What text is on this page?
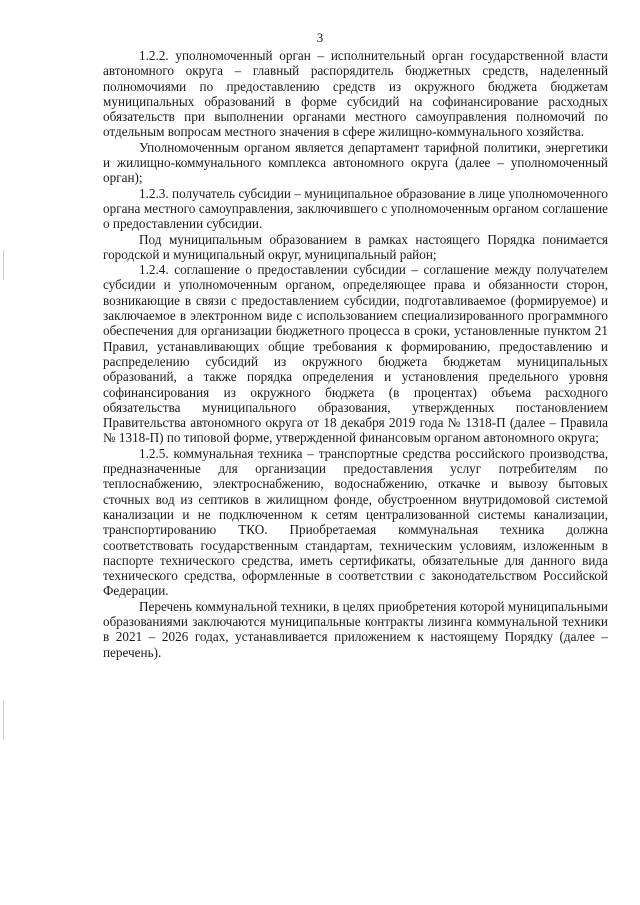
3

1.2.2. уполномоченный орган – исполнительный орган государственной власти автономного округа – главный распорядитель бюджетных средств, наделенный полномочиями по предоставлению средств из окружного бюджета бюджетам муниципальных образований в форме субсидий на софинансирование расходных обязательств при выполнении органами местного самоуправления полномочий по отдельным вопросам местного значения в сфере жилищно-коммунального хозяйства.

Уполномоченным органом является департамент тарифной политики, энергетики и жилищно-коммунального комплекса автономного округа (далее – уполномоченный орган);

1.2.3. получатель субсидии – муниципальное образование в лице уполномоченного органа местного самоуправления, заключившего с уполномоченным органом соглашение о предоставлении субсидии.

Под муниципальным образованием в рамках настоящего Порядка понимается городской и муниципальный округ, муниципальный район;

1.2.4. соглашение о предоставлении субсидии – соглашение между получателем субсидии и уполномоченным органом, определяющее права и обязанности сторон, возникающие в связи с предоставлением субсидии, подготавливаемое (формируемое) и заключаемое в электронном виде с использованием специализированного программного обеспечения для организации бюджетного процесса в сроки, установленные пунктом 21 Правил, устанавливающих общие требования к формированию, предоставлению и распределению субсидий из окружного бюджета бюджетам муниципальных образований, а также порядка определения и установления предельного уровня софинансирования из окружного бюджета (в процентах) объема расходного обязательства муниципального образования, утвержденных постановлением Правительства автономного округа от 18 декабря 2019 года № 1318-П (далее – Правила № 1318-П) по типовой форме, утвержденной финансовым органом автономного округа;

1.2.5. коммунальная техника – транспортные средства российского производства, предназначенные для организации предоставления услуг потребителям по теплоснабжению, электроснабжению, водоснабжению, откачке и вывозу бытовых сточных вод из септиков в жилищном фонде, обустроенном внутридомовой системой канализации и не подключенном к сетям централизованной системы канализации, транспортированию ТКО. Приобретаемая коммунальная техника должна соответствовать государственным стандартам, техническим условиям, изложенным в паспорте технического средства, иметь сертификаты, обязательные для данного вида технического средства, оформленные в соответствии с законодательством Российской Федерации.

Перечень коммунальной техники, в целях приобретения которой муниципальными образованиями заключаются муниципальные контракты лизинга коммунальной техники в 2021 – 2026 годах, устанавливается приложением к настоящему Порядку (далее – перечень).
